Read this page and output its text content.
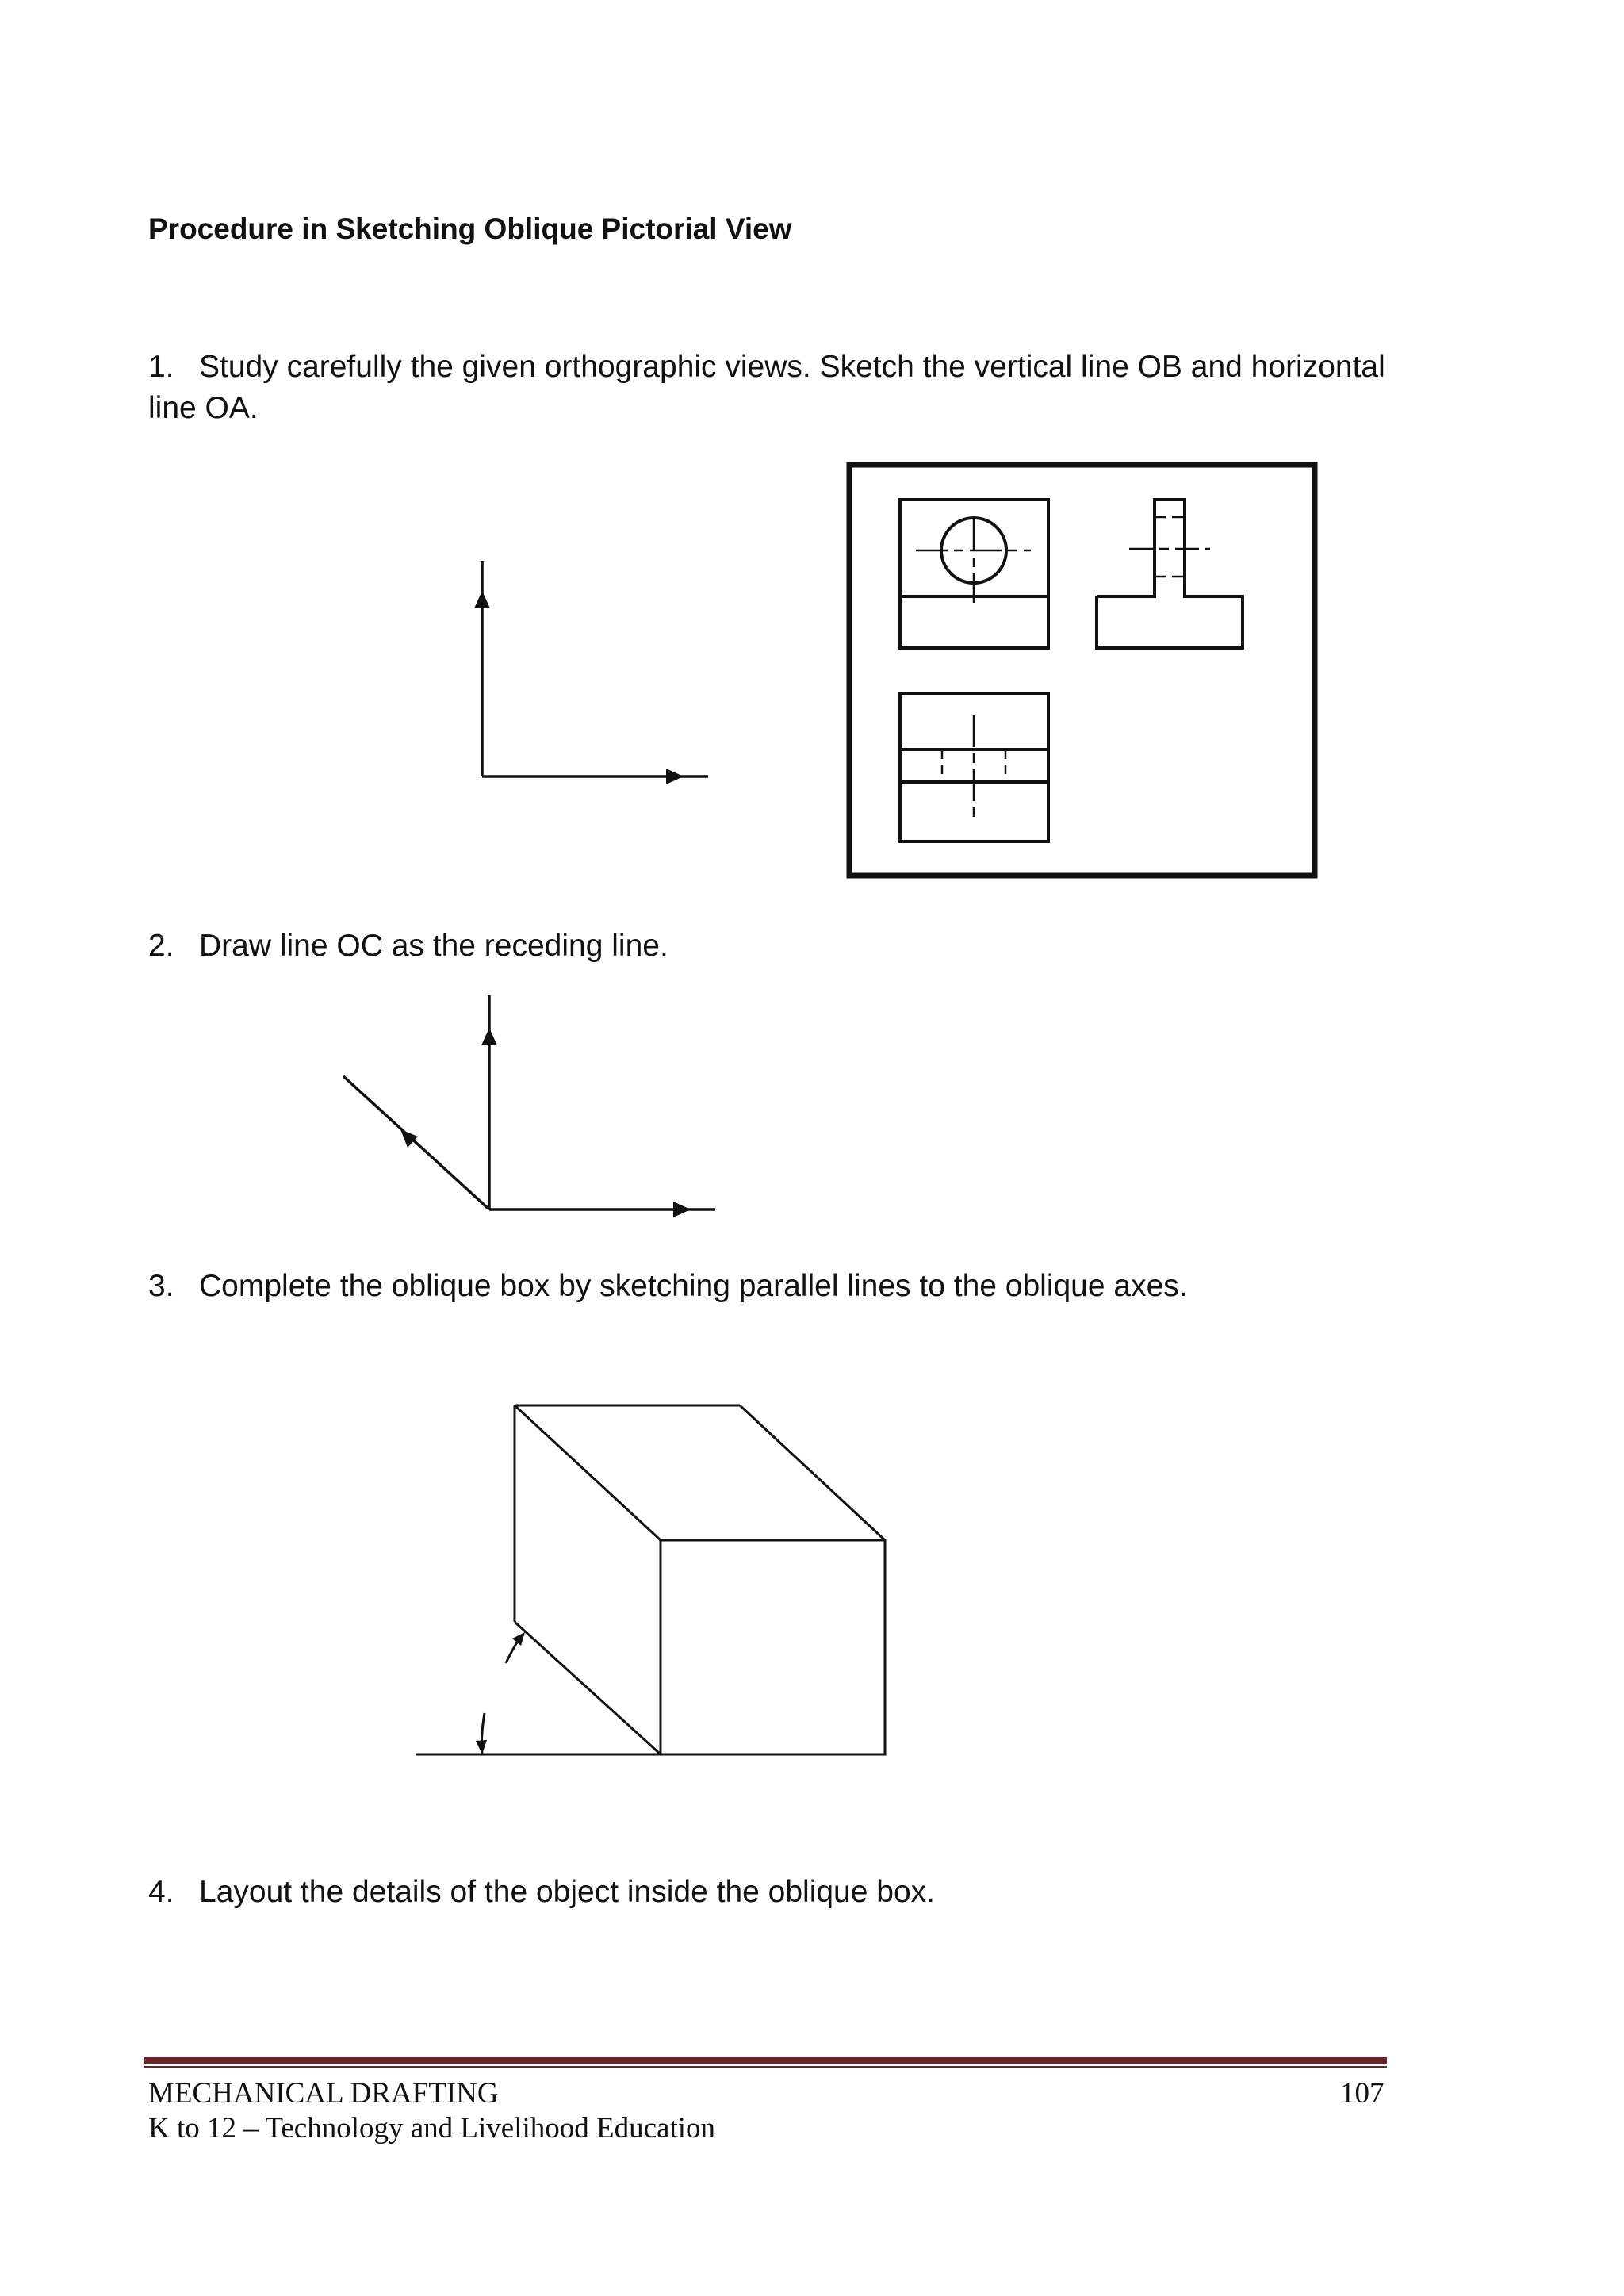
Procedure in Sketching Oblique Pictorial View
1. Study carefully the given orthographic views. Sketch the vertical line OB and horizontal line OA.
2. Draw line OC as the receding line.
3. Complete the oblique box by sketching parallel lines to the oblique axes.
4. Layout the details of the object inside the oblique box.
MECHANICAL DRAFTING
K to 12 – Technology and Livelihood Education
107
